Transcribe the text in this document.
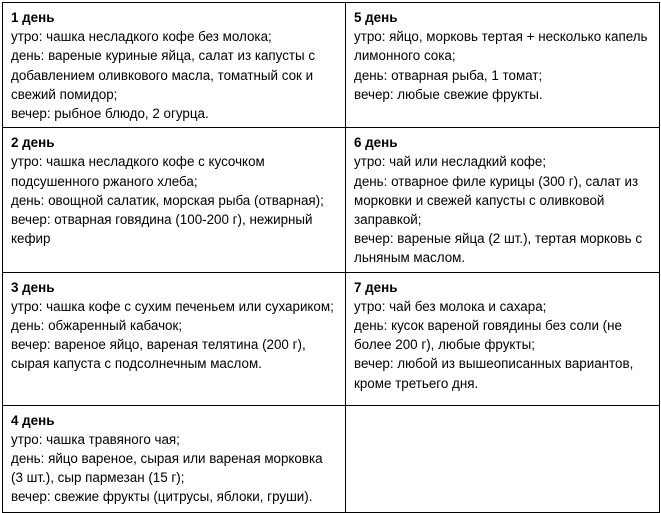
1 день
утро: чашка несладкого кофе без молока;
день: вареные куриные яйца, салат из капусты с добавлением оливкового масла, томатный сок и свежий помидор;
вечер: рыбное блюдо, 2 огурца.	5 день
утро: яйцо, морковь тертая + несколько капель лимонного сока;
день: отварная рыба, 1 томат;
вечер: любые свежие фрукты.

2 день
утро: чашка несладкого кофе с кусочком подсушенного ржаного хлеба;
день: овощной салатик, морская рыба (отварная);
вечер: отварная говядина (100-200 г), нежирный кефир	6 день
утро: чай или несладкий кофе;
день: отварное филе курицы (300 г), салат из морковки и свежей капусты с оливковой заправкой;
вечер: вареные яйца (2 шт.), тертая морковь с льняным маслом.

3 день
утро: чашка кофе с сухим печеньем или сухариком;
день: обжаренный кабачок;
вечер: вареное яйцо, вареная телятина (200 г), сырая капуста с подсолнечным маслом.	7 день
утро: чай без молока и сахара;
день: кусок вареной говядины без соли (не более 200 г), любые фрукты;
вечер: любой из вышеописанных вариантов, кроме третьего дня.

4 день
утро: чашка травяного чая;
день: яйцо вареное, сырая или вареная морковка (3 шт.), сыр пармезан (15 г);
вечер: свежие фрукты (цитрусы, яблоки, груши).	
